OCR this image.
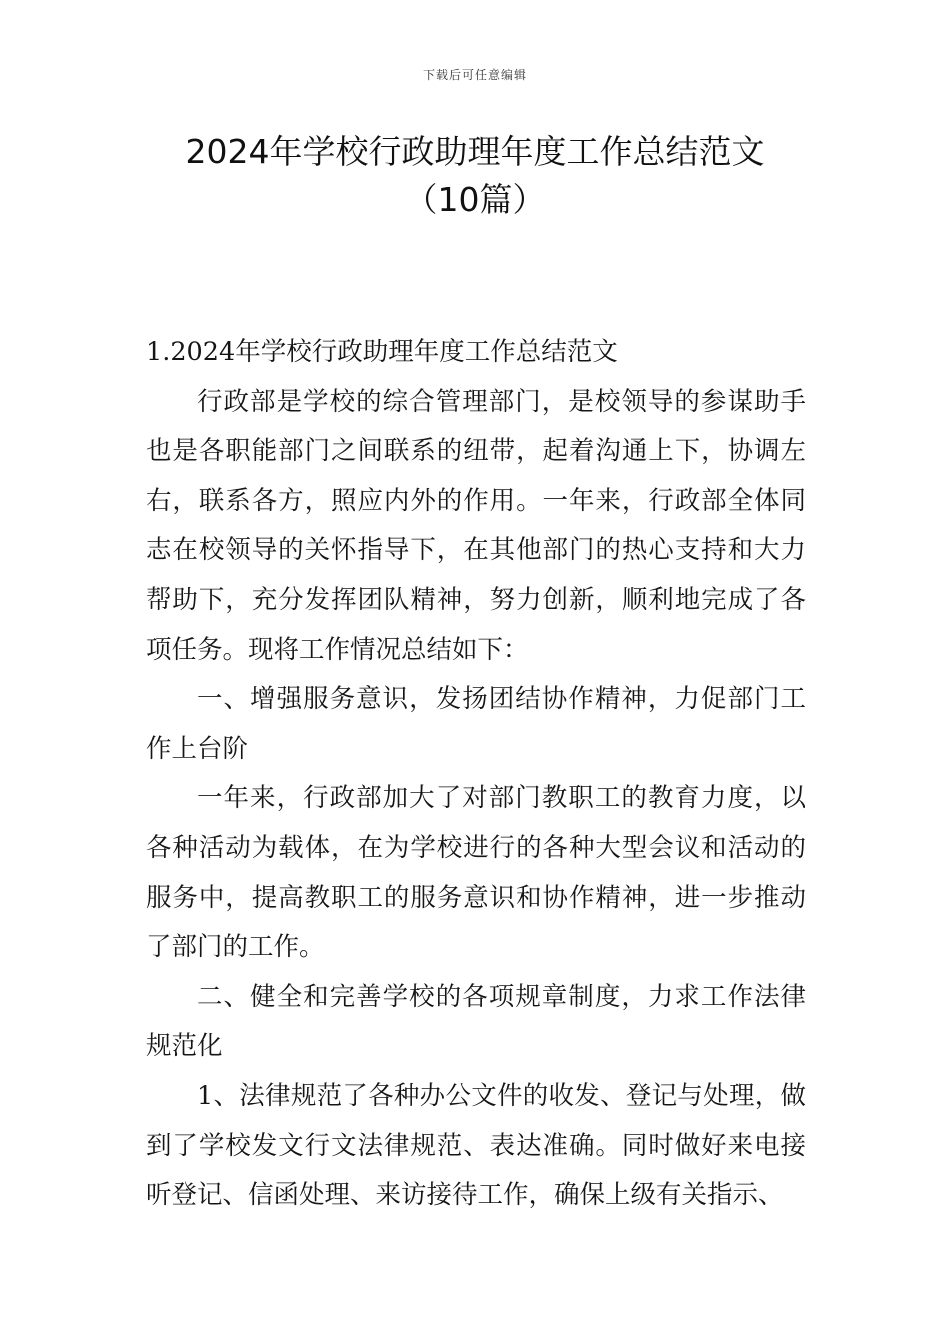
下载后可任意编辑
2024年学校行政助理年度工作总结范文
（10篇）

1.2024年学校行政助理年度工作总结范文

行政部是学校的综合管理部门，是校领导的参谋助手也是各职能部门之间联系的纽带，起着沟通上下，协调左右，联系各方，照应内外的作用。一年来，行政部全体同志在校领导的关怀指导下，在其他部门的热心支持和大力帮助下，充分发挥团队精神，努力创新，顺利地完成了各项任务。现将工作情况总结如下：

一、增强服务意识，发扬团结协作精神，力促部门工作上台阶

一年来，行政部加大了对部门教职工的教育力度，以各种活动为载体，在为学校进行的各种大型会议和活动的服务中，提高教职工的服务意识和协作精神，进一步推动了部门的工作。

二、健全和完善学校的各项规章制度，力求工作法律规范化

1、法律规范了各种办公文件的收发、登记与处理，做到了学校发文行文法律规范、表达准确。同时做好来电接听登记、信函处理、来访接待工作，确保上级有关指示、
